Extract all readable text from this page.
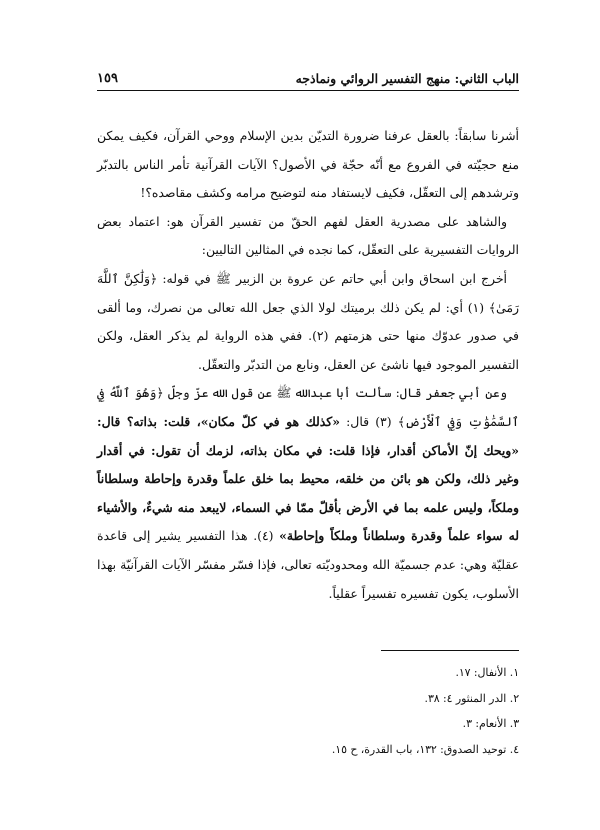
الباب الثاني: منهج التفسير الروائي ونماذجه
١٥٩

أشرنا سابقاً: بالعقل عرفنا ضرورة التديّن بدين الإسلام ووحي القرآن، فكيف يمكن منع حجيّته في الفروع مع أنّه حجّة في الأصول؟ الآيات القرآنية تأمر الناس بالتدبّر وترشدهم إلى التعقّل، فكيف لايستفاد منه لتوضيح مرامه وكشف مقاصده؟!

والشاهد على مصدرية العقل لفهم الحقّ من تفسير القرآن هو: اعتماد بعض الروايات التفسيرية على التعقّل، كما نجده في المثالين التاليين:

أخرج ابن اسحاق وابن أبي حاتم عن عروة بن الزبير ﷺ في قوله: ﴿وَلَٰكِنَّ ٱللَّهَ رَمَىٰ﴾ (١) أي: لم يكن ذلك برميتك لولا الذي جعل الله تعالى من نصرك، وما ألقى في صدور عدوّك منها حتى هزمتهم (٢). ففي هذه الرواية لم يذكر العقل، ولكن التفسير الموجود فيها ناشئ عن العقل، ونابع من التدبّر والتعقّل.

وعن أبي جعفر قال: سألت أبا عبدالله ﷺ عن قول الله عزّ وجلّ ﴿وَهُوَ ٱللَّهُ فِي ٱلسَّمَٰوَٰتِ وَفِي ٱلْأَرْضِ﴾ (٣) قال: «كذلك هو في كلّ مكان»، قلت: بذاته؟ قال: «ويحك إنّ الأماكن أقدار، فإذا قلت: في مكان بذاته، لزمك أن تقول: في أقدار وغير ذلك، ولكن هو بائن من خلقه، محيط بما خلق علماً وقدرة وإحاطة وسلطاناً وملكاً، وليس علمه بما في الأرض بأقلّ ممّا في السماء، لايبعد منه شيءٌ، والأشياء له سواء علماً وقدرة وسلطاناً وملكاً وإحاطة» (٤). هذا التفسير يشير إلى قاعدة عقليّة وهي: عدم جسميّة الله ومحدوديّته تعالى، فإذا فسّر مفسّر الآيات القرآنيّة بهذا الأسلوب، يكون تفسيره تفسيراً عقلياً.

١. الأنفال: ١٧.

٢. الدر المنثور ٤: ٣٨.

٣. الأنعام: ٣.

٤. توحيد الصدوق: ١٣٢، باب القدرة، ح ١٥.
